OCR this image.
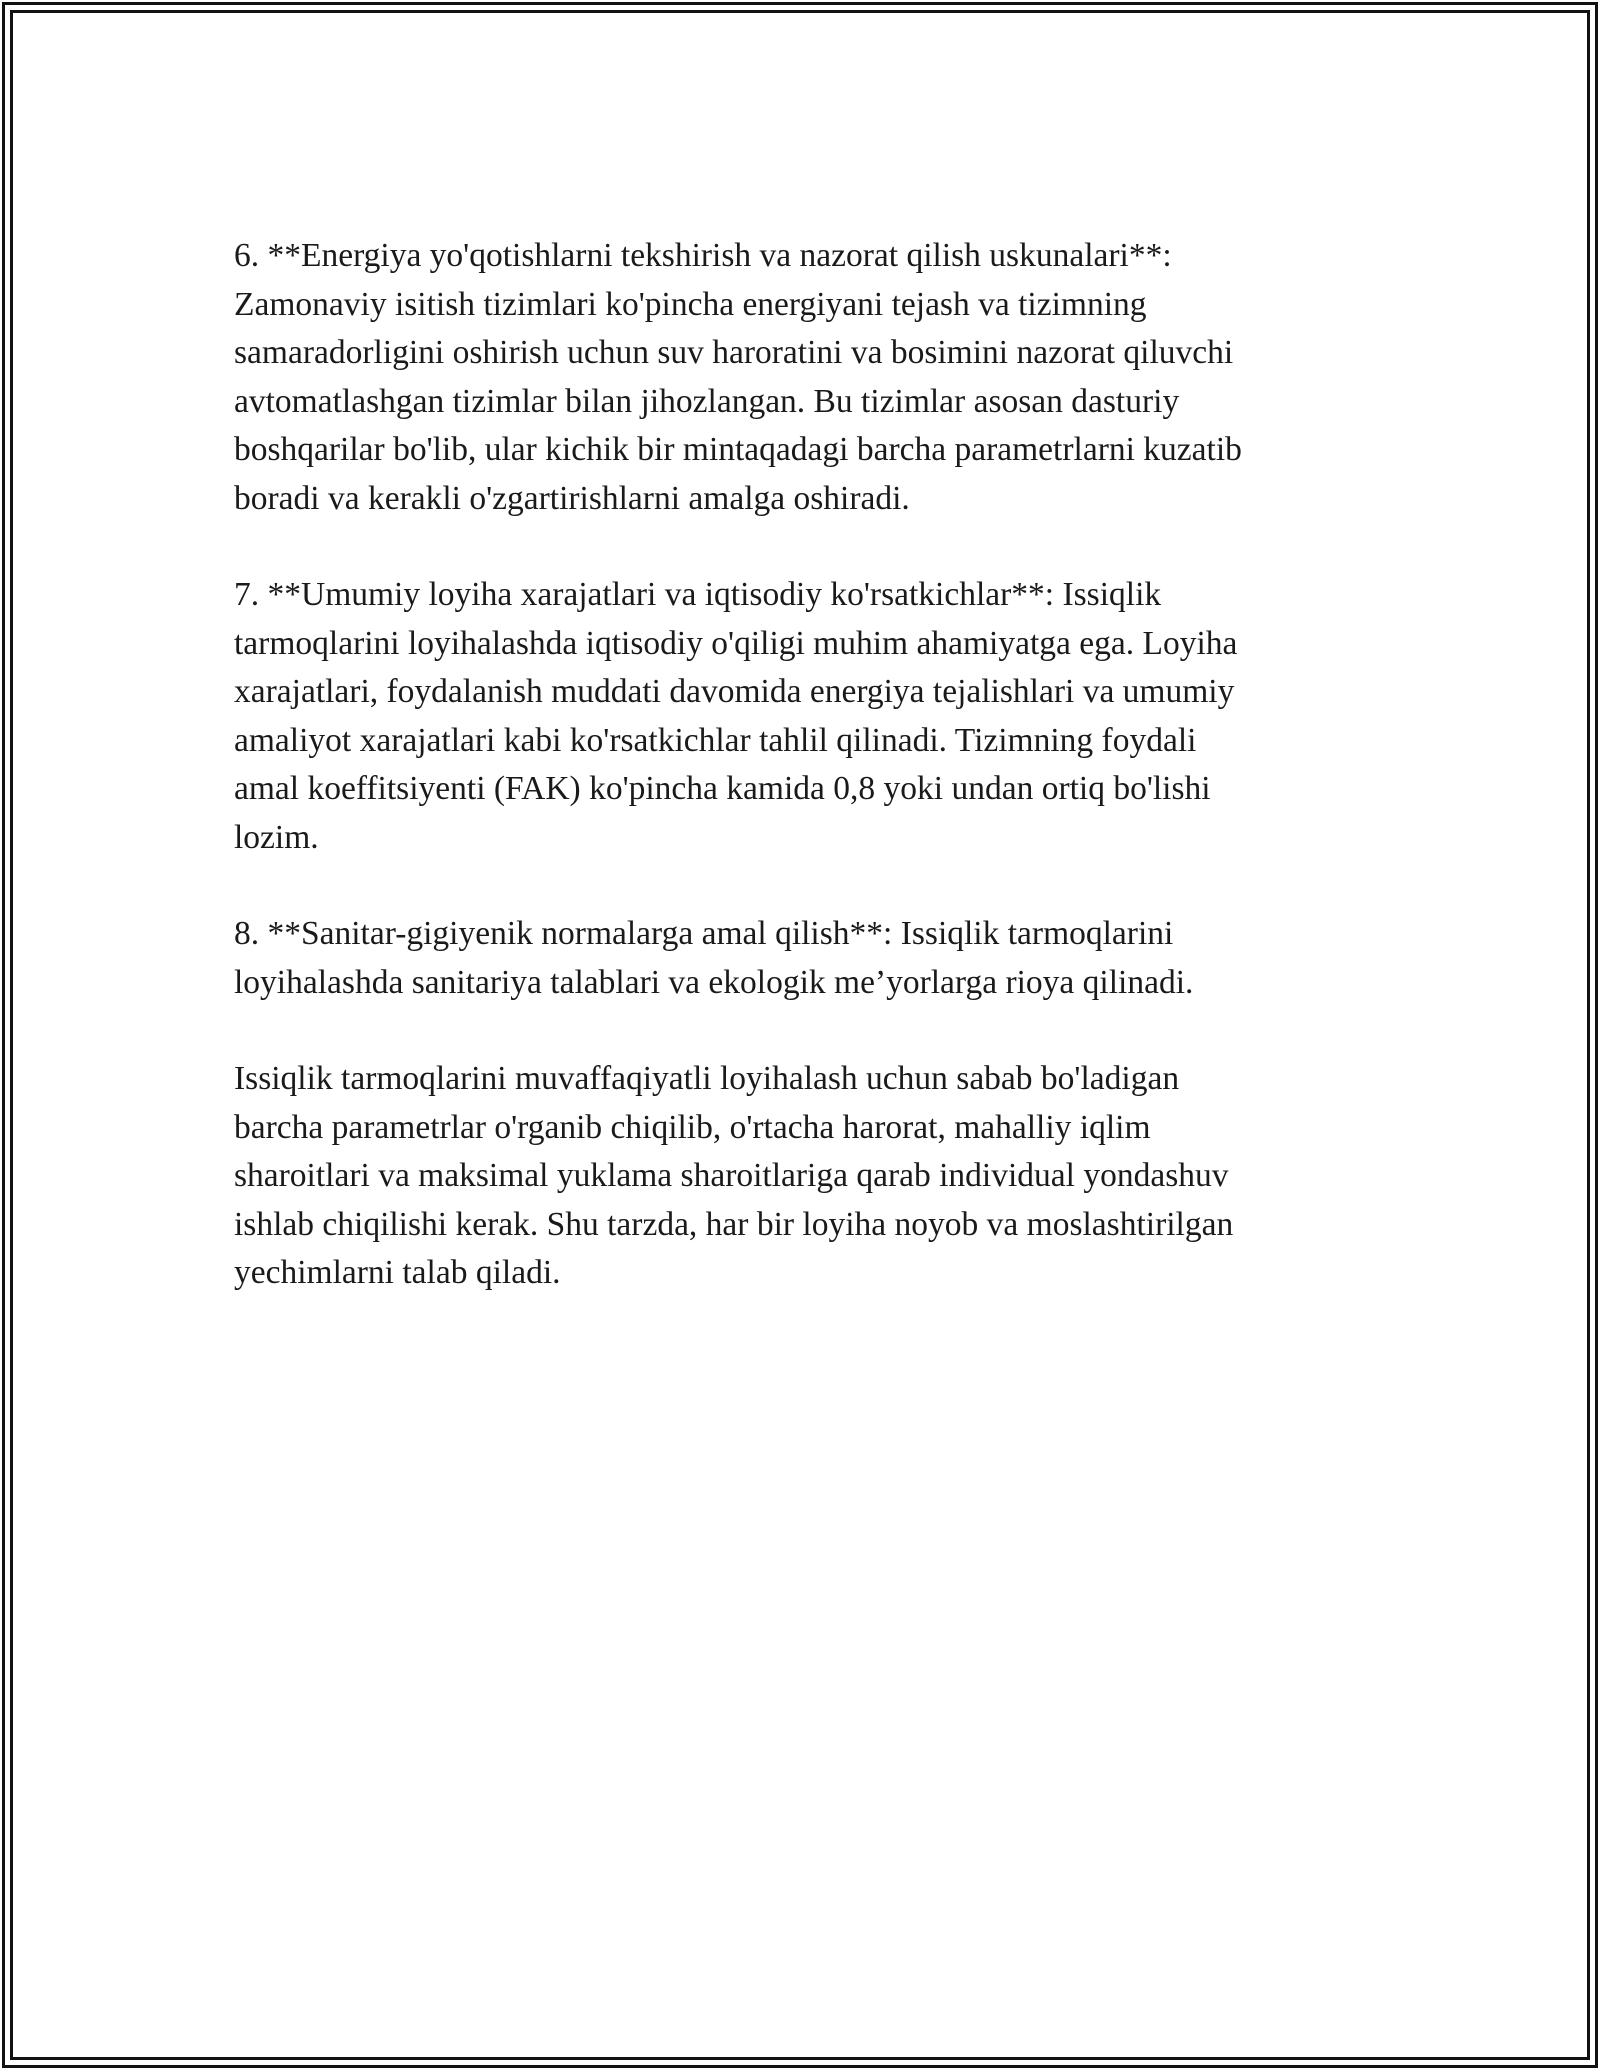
6. **Energiya yo'qotishlarni tekshirish va nazorat qilish uskunalari**:
Zamonaviy isitish tizimlari ko'pincha energiyani tejash va tizimning
samaradorligini oshirish uchun suv haroratini va bosimini nazorat qiluvchi
avtomatlashgan tizimlar bilan jihozlangan. Bu tizimlar asosan dasturiy
boshqarilar bo'lib, ular kichik bir mintaqadagi barcha parametrlarni kuzatib
boradi va kerakli o'zgartirishlarni amalga oshiradi.

7. **Umumiy loyiha xarajatlari va iqtisodiy ko'rsatkichlar**: Issiqlik
tarmoqlarini loyihalashda iqtisodiy o'qiligi muhim ahamiyatga ega. Loyiha
xarajatlari, foydalanish muddati davomida energiya tejalishlari va umumiy
amaliyot xarajatlari kabi ko'rsatkichlar tahlil qilinadi. Tizimning foydali
amal koeffitsiyenti (FAK) ko'pincha kamida 0,8 yoki undan ortiq bo'lishi
lozim.

8. **Sanitar-gigiyenik normalarga amal qilish**: Issiqlik tarmoqlarini
loyihalashda sanitariya talablari va ekologik me’yorlarga rioya qilinadi.

Issiqlik tarmoqlarini muvaffaqiyatli loyihalash uchun sabab bo'ladigan
barcha parametrlar o'rganib chiqilib, o'rtacha harorat, mahalliy iqlim
sharoitlari va maksimal yuklama sharoitlariga qarab individual yondashuv
ishlab chiqilishi kerak. Shu tarzda, har bir loyiha noyob va moslashtirilgan
yechimlarni talab qiladi.
